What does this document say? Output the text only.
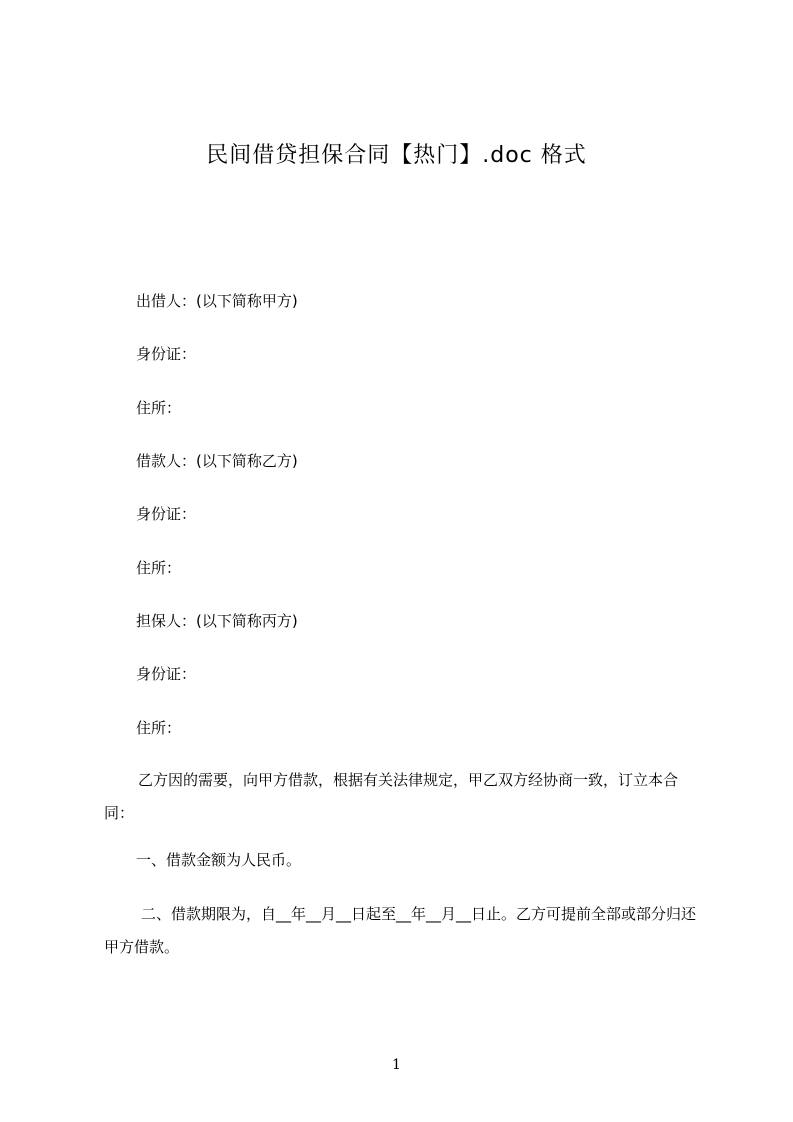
民间借贷担保合同【热门】.doc 格式
出借人：(以下简称甲方)
身份证：
住所：
借款人：(以下简称乙方)
身份证：
住所：
担保人：(以下简称丙方)
身份证：
住所：
乙方因的需要，向甲方借款，根据有关法律规定，甲乙双方经协商一致，订立本合同：
一、借款金额为人民币。
二、借款期限为，自__年__月__日起至__年__月__日止。乙方可提前全部或部分归还甲方借款。
1
